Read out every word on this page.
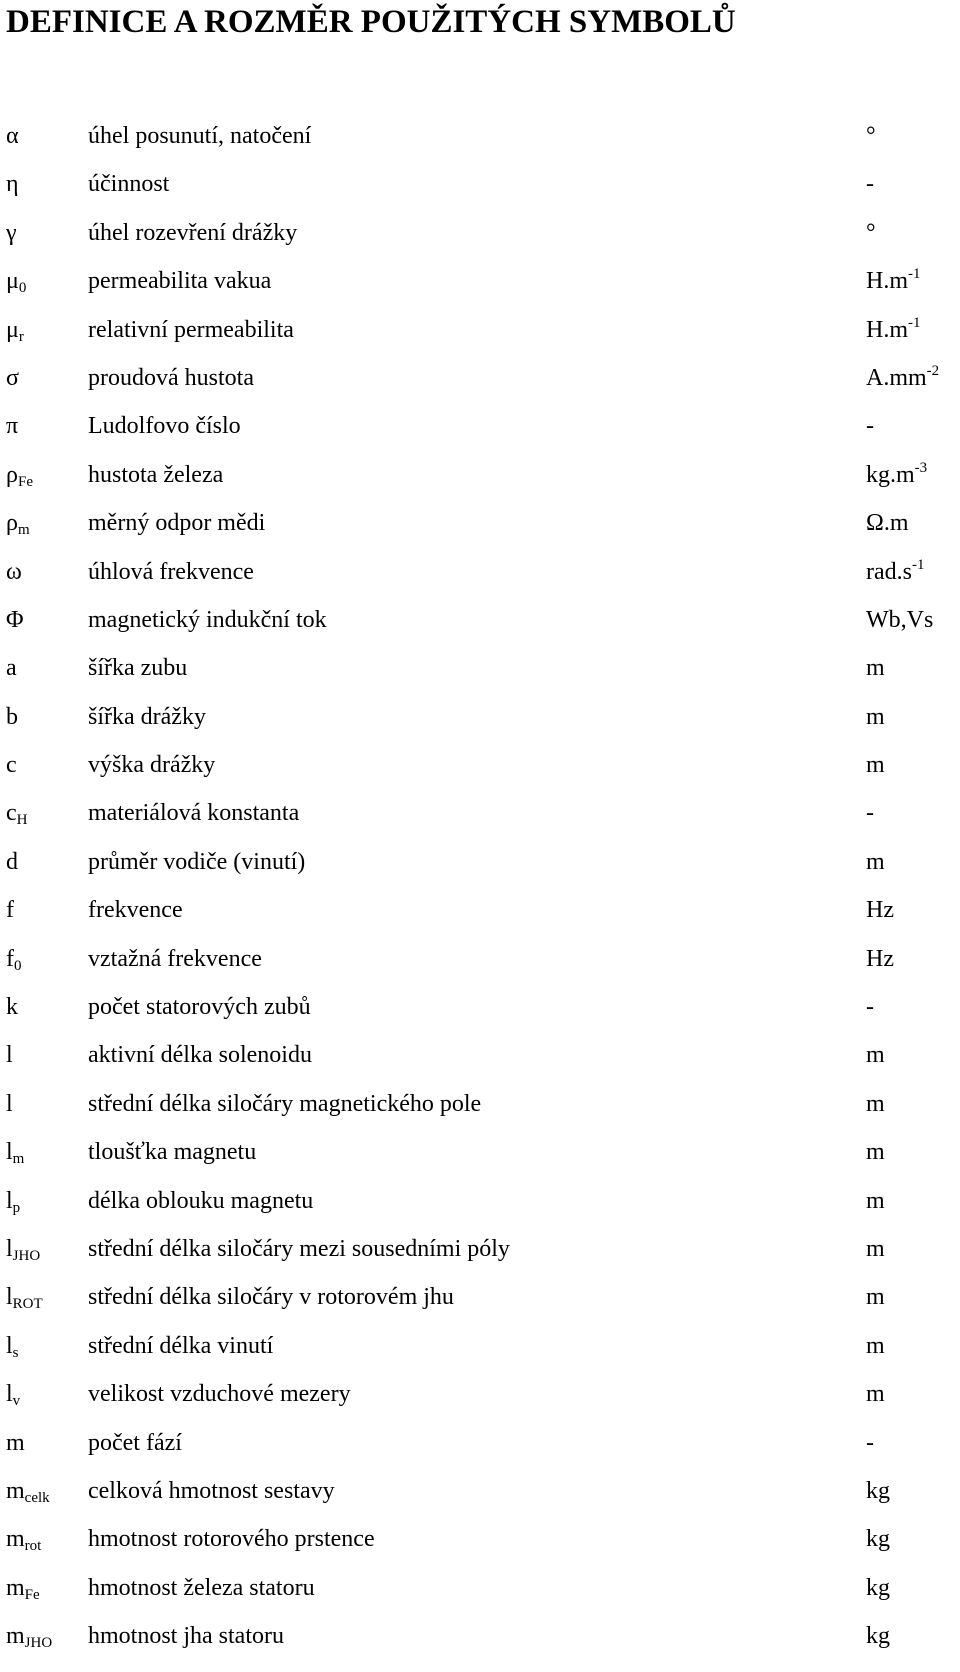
DEFINICE A ROZMĚR POUŽITÝCH SYMBOLŮ
α	úhel posunutí, natočení	°
η	účinnost	-
γ	úhel rozevření drážky	°
$\mu_0$	permeabilita vakua	$H.m^{-1}$
$\mu_r$	relativní permeabilita	$H.m^{-1}$
σ	proudová hustota	$A.mm^{-2}$
π	Ludolfovo číslo	-
$\rho_{Fe}$ hustota železa	$kg.m^{-3}$
$\rho_m$ měrný odpor mědi	Ω.m
ω	úhlová frekvence	$rad.s^{-1}$
Φ	magnetický indukční tok	Wb,Vs
a	šířka zubu	m
b	šířka drážky	m
c	výška drážky	m
$c_H$	materiálová konstanta	-
d	průměr vodiče (vinutí)	m
f	frekvence	Hz
$f_0$	vztažná frekvence	Hz
k	počet statorových zubů	-
l	aktivní délka solenoidu	m
l	střední délka siločáry magnetického pole	m
$l_m$	tloušťka magnetu	m
$l_p$	délka oblouku magnetu	m
$l_{JHO}$ střední délka siločáry mezi sousedními póly	m
$l_{ROT}$ střední délka siločáry v rotorovém jhu	m
$l_s$	střední délka vinutí	m
$l_v$	velikost vzduchové mezery	m
m	počet fází	-
$m_{celk}$ celková hmotnost sestavy	kg
$m_{rot}$ hmotnost rotorového prstence	kg
$m_{Fe}$ hmotnost železa statoru	kg
$m_{JHO}$ hmotnost jha statoru	kg
